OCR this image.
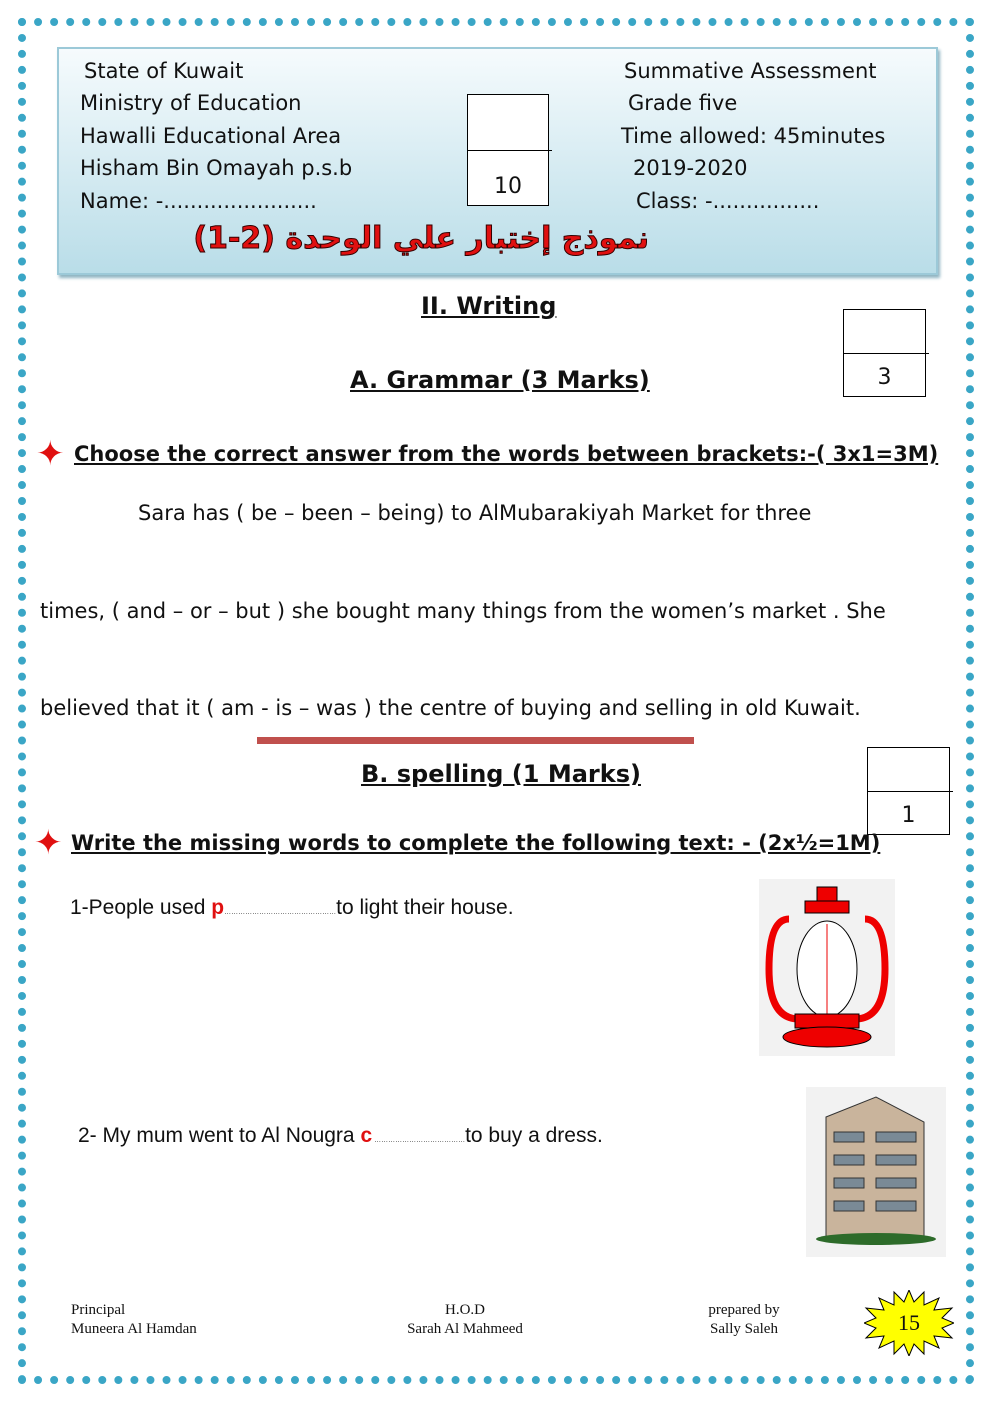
State of Kuwait
Ministry of Education
Hawalli Educational Area
Hisham Bin Omayah p.s.b
Name: -.......................
Summative Assessment
Grade five
Time allowed: 45minutes
2019-2020
Class: -................
10
نموذج إختبار علي الوحدة (2-1)
II. Writing
A. Grammar (3 Marks)	3
✦ Choose the correct answer from the words between brackets:-( 3x1=3M)
Sara has ( be – been – being) to AlMubarakiyah Market for three
times, ( and – or – but ) she bought many things from the women’s market . She
believed that it ( am - is – was ) the centre of buying and selling in old Kuwait.
B. spelling (1 Marks)
1
✦ Write the missing words to complete the following text: - (2x½=1M)
1-People used p…………………………………………to light their house.
2- My mum went to Al Nougra c …………………………………to buy a dress.
Principal
Muneera Al Hamdan
H.O.D
Sarah Al Mahmeed
prepared by
Sally Saleh	15
